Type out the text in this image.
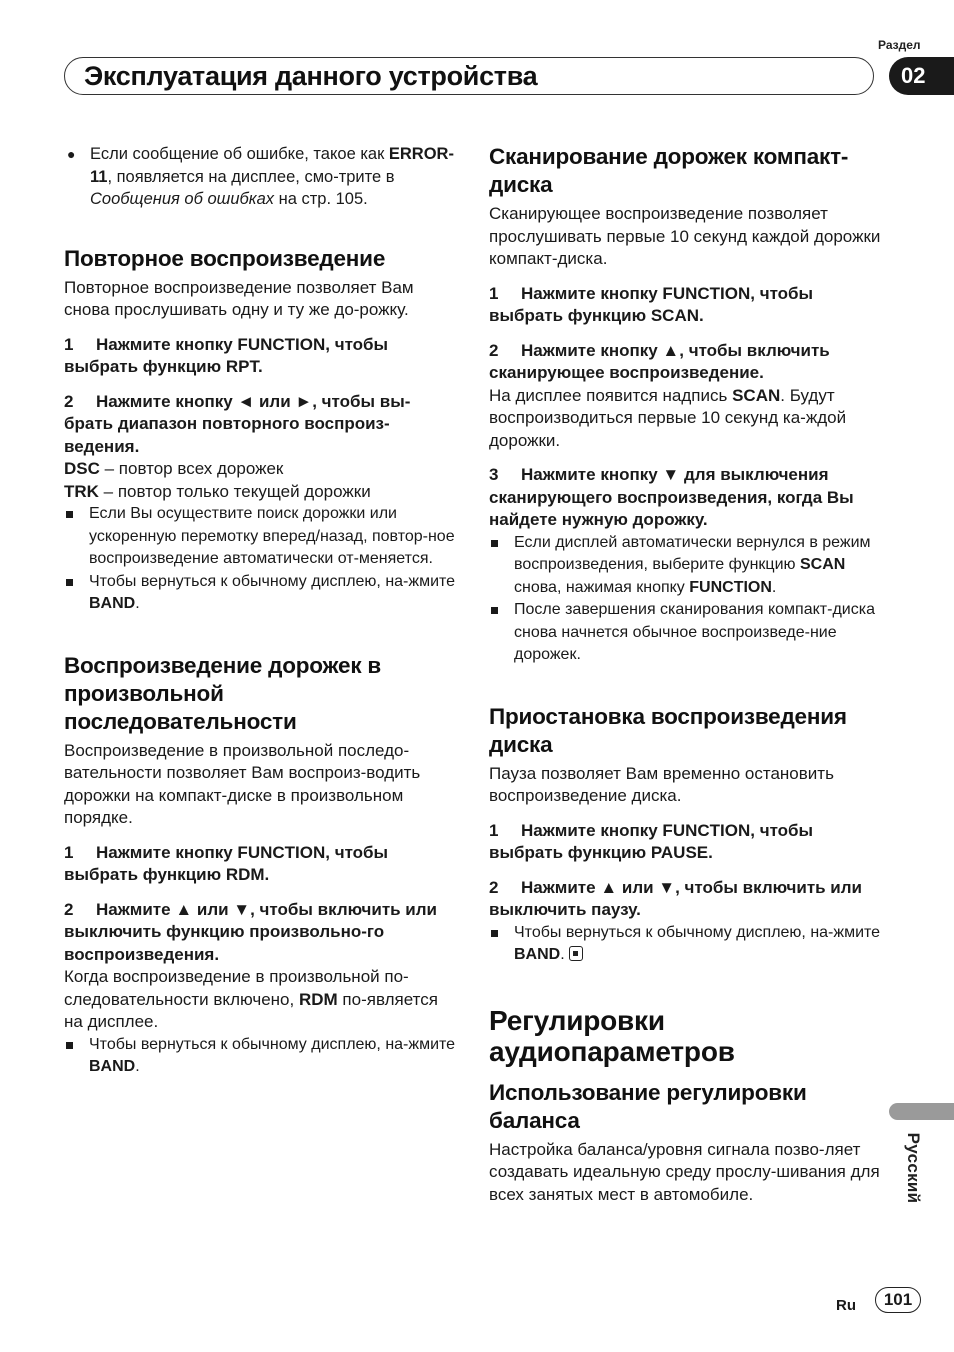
Раздел
Эксплуатация данного устройства	02

● Если сообщение об ошибке, такое как ERROR-11, появляется на дисплее, смо-трите в Сообщения об ошибках на стр. 105.

Повторное воспроизведение

Повторное воспроизведение позволяет Вам снова прослушивать одну и ту же до-рожку.

1 Нажмите кнопку FUNCTION, чтобы выбрать функцию RPT.

2 Нажмите кнопку ◄ или ►, чтобы вы-брать диапазон повторного воспроиз-ведения.

DSC – повтор всех дорожек

TRK – повтор только текущей дорожки

Если Вы осуществите поиск дорожки или ускоренную перемотку вперед/назад, повтор-ное воспроизведение автоматически от-меняется.

Чтобы вернуться к обычному дисплею, на-жмите BAND.

Воспроизведение дорожек в произвольной последовательности

Воспроизведение в произвольной последо-вательности позволяет Вам воспроиз-водить дорожки на компакт-диске в произвольном порядке.

1 Нажмите кнопку FUNCTION, чтобы выбрать функцию RDM.

2 Нажмите ▲ или ▼, чтобы включить или выключить функцию произвольно-го воспроизведения.

Когда воспроизведение в произвольной по-следовательности включено, RDM по-является на дисплее.

Чтобы вернуться к обычному дисплею, на-жмите BAND.

Сканирование дорожек компакт-диска

Сканирующее воспроизведение позволяет прослушивать первые 10 секунд каждой дорожки компакт-диска.

1 Нажмите кнопку FUNCTION, чтобы выбрать функцию SCAN.

2 Нажмите кнопку ▲, чтобы включить сканирующее воспроизведение.

На дисплее появится надпись SCAN. Будут воспроизводиться первые 10 секунд ка-ждой дорожки.

3 Нажмите кнопку ▼ для выключения сканирующего воспроизведения, когда Вы найдете нужную дорожку.

Если дисплей автоматически вернулся в режим воспроизведения, выберите функцию SCAN снова, нажимая кнопку FUNCTION.

После завершения сканирования компакт-диска снова начнется обычное воспроизведе-ние дорожек.

Приостановка воспроизведения диска

Пауза позволяет Вам временно остановить воспроизведение диска.

1 Нажмите кнопку FUNCTION, чтобы выбрать функцию PAUSE.

2 Нажмите ▲ или ▼, чтобы включить или выключить паузу.

Чтобы вернуться к обычному дисплею, на-жмите BAND.

Регулировки аудиопараметров
Использование регулировки баланса

Настройка баланса/уровня сигнала позво-ляет создавать идеальную среду прослу-шивания для всех занятых мест в автомобиле.	Русский
Ru	101
